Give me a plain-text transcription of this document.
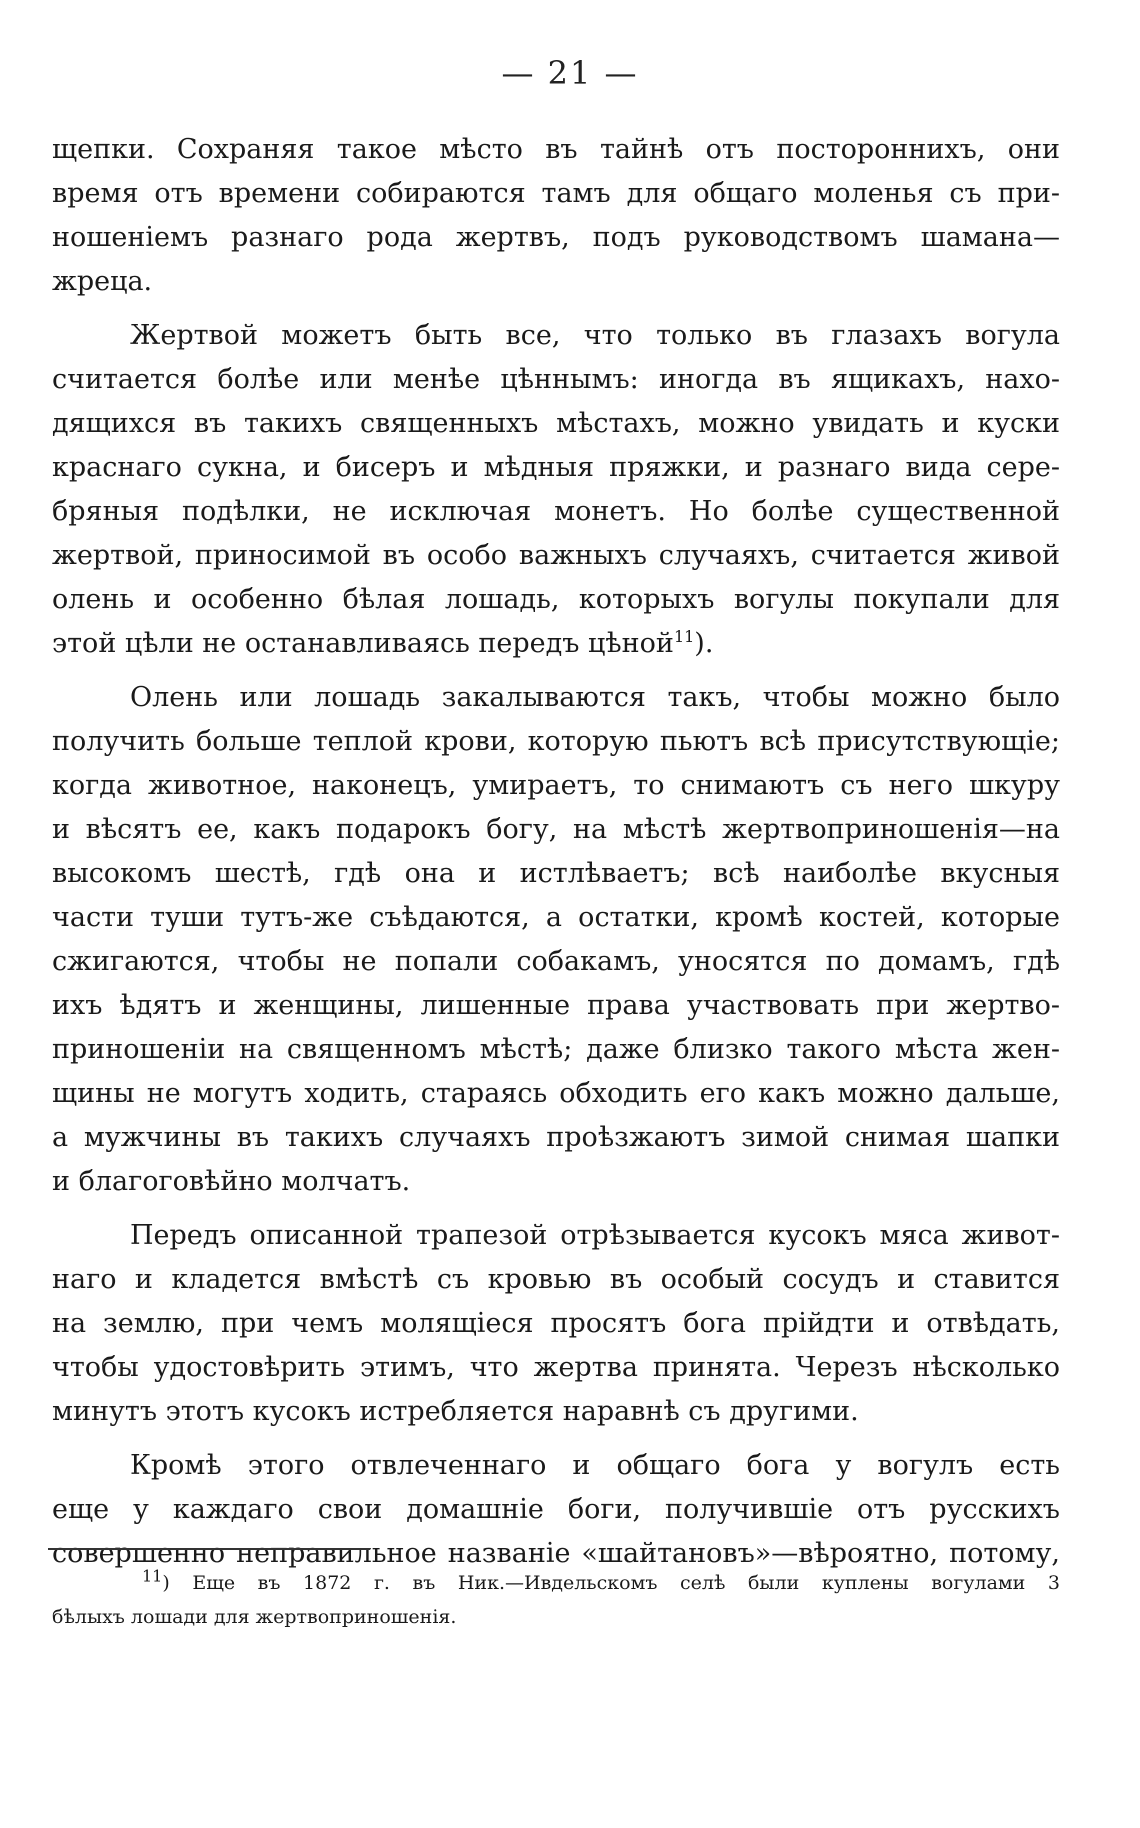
— 21 —
щепки. Сохраняя такое мѣсто въ тайнѣ отъ постороннихъ, они
время отъ времени собираются тамъ для общаго моленья съ при-
ношеніемъ разнаго рода жертвъ, подъ руководствомъ шамана—
жреца.
Жертвой можетъ быть все, что только въ глазахъ вогула
считается болѣе или менѣе цѣннымъ: иногда въ ящикахъ, нахо-
дящихся въ такихъ священныхъ мѣстахъ, можно увидать и куски
краснаго сукна, и бисеръ и мѣдныя пряжки, и разнаго вида сере-
бряныя подѣлки, не исключая монетъ. Но болѣе существенной
жертвой, приносимой въ особо важныхъ случаяхъ, считается живой
олень и особенно бѣлая лошадь, которыхъ вогулы покупали для
этой цѣли не останавливаясь передъ цѣной$^{11}$).
Олень или лошадь закалываются такъ, чтобы можно было
получить больше теплой крови, которую пьютъ всѣ присутствующіе;
когда животное, наконецъ, умираетъ, то снимаютъ съ него шкуру
и вѣсятъ ее, какъ подарокъ богу, на мѣстѣ жертвоприношенія—на
высокомъ шестѣ, гдѣ она и истлѣваетъ; всѣ наиболѣе вкусныя
части туши тутъ-же съѣдаются, а остатки, кромѣ костей, которые
сжигаются, чтобы не попали собакамъ, уносятся по домамъ, гдѣ
ихъ ѣдятъ и женщины, лишенные права участвовать при жертво-
приношеніи на священномъ мѣстѣ; даже близко такого мѣста жен-
щины не могутъ ходить, стараясь обходить его какъ можно дальше,
а мужчины въ такихъ случаяхъ проѣзжаютъ зимой снимая шапки
и благоговѣйно молчатъ.
Передъ описанной трапезой отрѣзывается кусокъ мяса живот-
наго и кладется вмѣстѣ съ кровью въ особый сосудъ и ставится
на землю, при чемъ молящіеся просятъ бога прійдти и отвѣдать,
чтобы удостовѣрить этимъ, что жертва принята. Черезъ нѣсколько
минутъ этотъ кусокъ истребляется наравнѣ съ другими.
Кромѣ этого отвлеченнаго и общаго бога у вогулъ есть
еще у каждаго свои домашніе боги, получившіе отъ русскихъ
совершенно неправильное названіе «шайтановъ»—вѣроятно, потому,
$^{11}$) Еще въ 1872 г. въ Ник.—Ивдельскомъ селѣ были куплены вогулами 3
бѣлыхъ лошади для жертвоприношенія.
